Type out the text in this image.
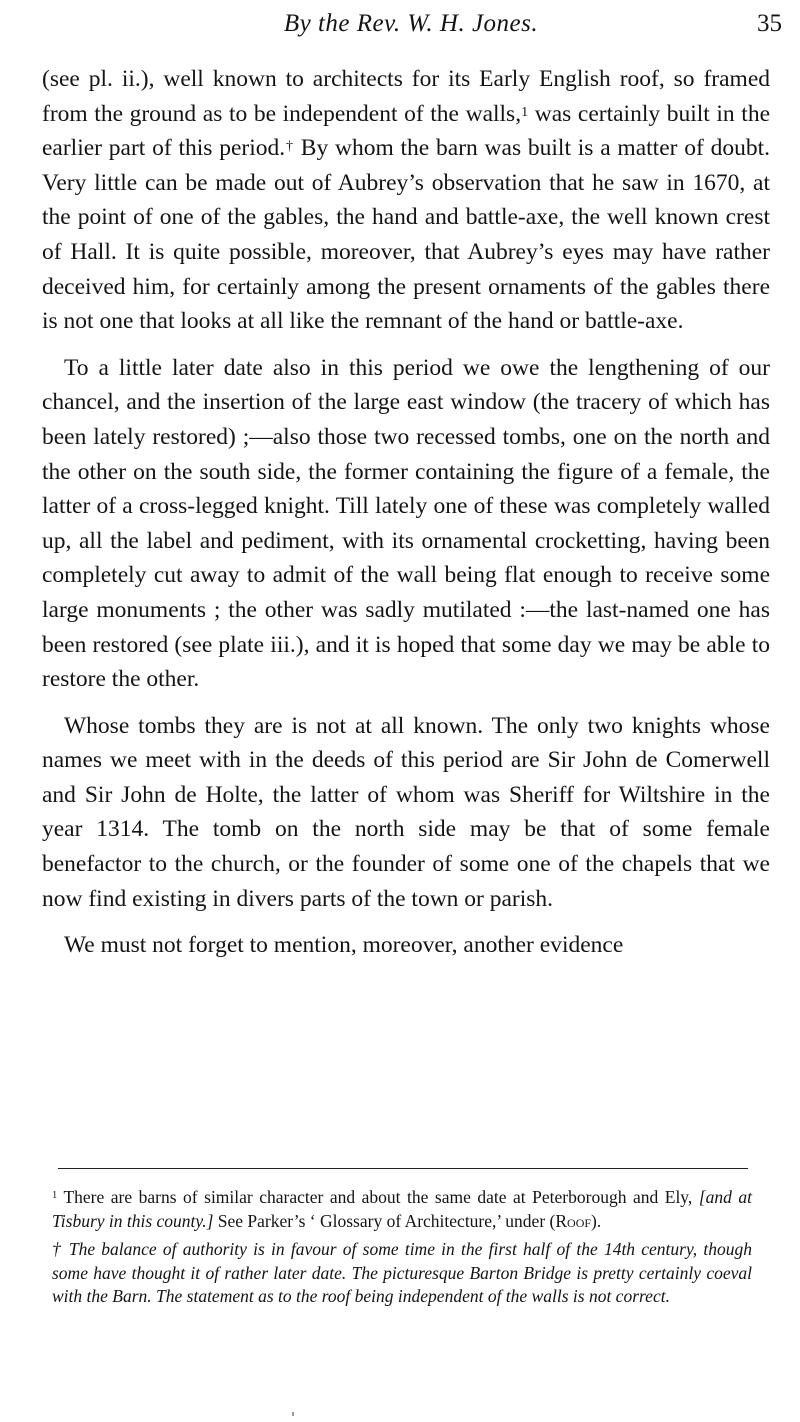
By the Rev. W. H. Jones.	35

(see pl. ii.), well known to architects for its Early English roof, so framed from the ground as to be independent of the walls,$^1$ was certainly built in the earlier part of this period.† By whom the barn was built is a matter of doubt. Very little can be made out of Aubrey’s observation that he saw in 1670, at the point of one of the gables, the hand and battle-axe, the well known crest of Hall. It is quite possible, moreover, that Aubrey’s eyes may have rather deceived him, for certainly among the present ornaments of the gables there is not one that looks at all like the remnant of the hand or battle-axe.

To a little later date also in this period we owe the lengthening of our chancel, and the insertion of the large east window (the tracery of which has been lately restored) ;—also those two recessed tombs, one on the north and the other on the south side, the former containing the figure of a female, the latter of a cross-legged knight. Till lately one of these was completely walled up, all the label and pediment, with its ornamental crocketting, having been completely cut away to admit of the wall being flat enough to receive some large monuments ; the other was sadly mutilated :—the last-named one has been restored (see plate iii.), and it is hoped that some day we may be able to restore the other.

Whose tombs they are is not at all known. The only two knights whose names we meet with in the deeds of this period are Sir John de Comerwell and Sir John de Holte, the latter of whom was Sheriff for Wiltshire in the year 1314. The tomb on the north side may be that of some female benefactor to the church, or the founder of some one of the chapels that we now find existing in divers parts of the town or parish.

We must not forget to mention, moreover, another evidence

$^1$ There are barns of similar character and about the same date at Peterborough and Ely, [and at Tisbury in this county.] See Parker’s ‘ Glossary of Architecture,’ under (Roof).

† The balance of authority is in favour of some time in the first half of the 14th century, though some have thought it of rather later date. The picturesque Barton Bridge is pretty certainly coeval with the Barn. The statement as to the roof being independent of the walls is not correct.
